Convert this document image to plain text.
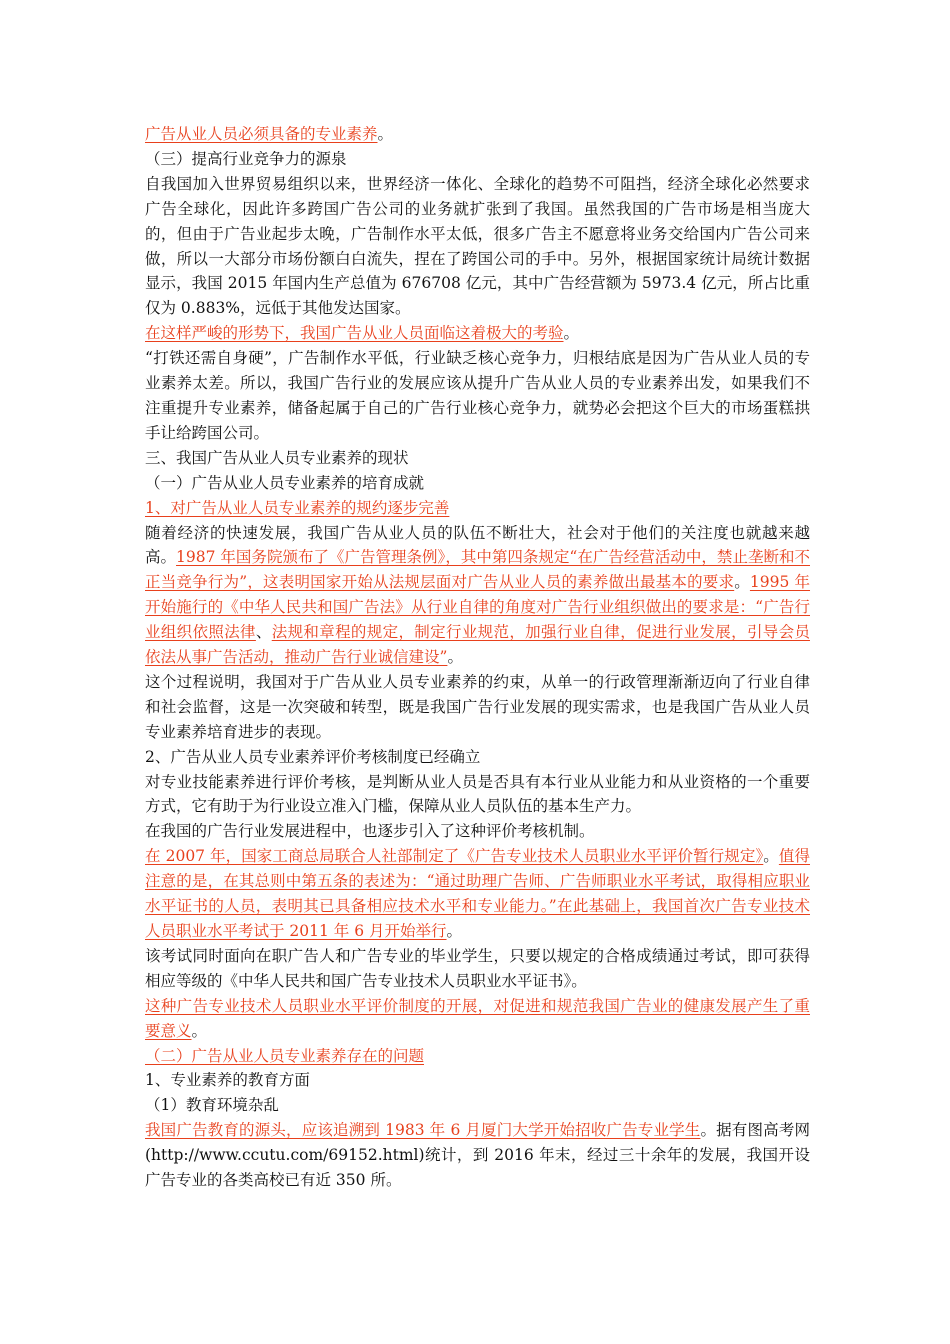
广告从业人员必须具备的专业素养。

（三）提高行业竞争力的源泉

自我国加入世界贸易组织以来，世界经济一体化、全球化的趋势不可阻挡，经济全球化必然要求广告全球化，因此许多跨国广告公司的业务就扩张到了我国。虽然我国的广告市场是相当庞大的，但由于广告业起步太晚，广告制作水平太低，很多广告主不愿意将业务交给国内广告公司来做，所以一大部分市场份额白白流失，捏在了跨国公司的手中。另外，根据国家统计局统计数据显示，我国 2015 年国内生产总值为 676708 亿元，其中广告经营额为 5973.4 亿元，所占比重仅为 0.883%，远低于其他发达国家。

在这样严峻的形势下，我国广告从业人员面临这着极大的考验。

“打铁还需自身硬”，广告制作水平低，行业缺乏核心竞争力，归根结底是因为广告从业人员的专业素养太差。所以，我国广告行业的发展应该从提升广告从业人员的专业素养出发，如果我们不注重提升专业素养，储备起属于自己的广告行业核心竞争力，就势必会把这个巨大的市场蛋糕拱手让给跨国公司。

三、我国广告从业人员专业素养的现状

（一）广告从业人员专业素养的培育成就

1、对广告从业人员专业素养的规约逐步完善

随着经济的快速发展，我国广告从业人员的队伍不断壮大，社会对于他们的关注度也就越来越高。1987 年国务院颁布了《广告管理条例》，其中第四条规定“在广告经营活动中，禁止垄断和不正当竞争行为”，这表明国家开始从法规层面对广告从业人员的素养做出最基本的要求。1995 年开始施行的《中华人民共和国广告法》从行业自律的角度对广告行业组织做出的要求是：“广告行业组织依照法律、法规和章程的规定，制定行业规范，加强行业自律，促进行业发展，引导会员依法从事广告活动，推动广告行业诚信建设”。

这个过程说明，我国对于广告从业人员专业素养的约束，从单一的行政管理渐渐迈向了行业自律和社会监督，这是一次突破和转型，既是我国广告行业发展的现实需求，也是我国广告从业人员专业素养培育进步的表现。

2、广告从业人员专业素养评价考核制度已经确立

对专业技能素养进行评价考核，是判断从业人员是否具有本行业从业能力和从业资格的一个重要方式，它有助于为行业设立准入门槛，保障从业人员队伍的基本生产力。

在我国的广告行业发展进程中，也逐步引入了这种评价考核机制。

在 2007 年，国家工商总局联合人社部制定了《广告专业技术人员职业水平评价暂行规定》。值得注意的是，在其总则中第五条的表述为：“通过助理广告师、广告师职业水平考试，取得相应职业水平证书的人员，表明其已具备相应技术水平和专业能力。”在此基础上，我国首次广告专业技术人员职业水平考试于 2011 年 6 月开始举行。

该考试同时面向在职广告人和广告专业的毕业学生，只要以规定的合格成绩通过考试，即可获得相应等级的《中华人民共和国广告专业技术人员职业水平证书》。

这种广告专业技术人员职业水平评价制度的开展，对促进和规范我国广告业的健康发展产生了重要意义。

（二）广告从业人员专业素养存在的问题

1、专业素养的教育方面

（1）教育环境杂乱

我国广告教育的源头，应该追溯到 1983 年 6 月厦门大学开始招收广告专业学生。据有图高考网(http://www.ccutu.com/69152.html)统计，到 2016 年末，经过三十余年的发展，我国开设广告专业的各类高校已有近 350 所。
